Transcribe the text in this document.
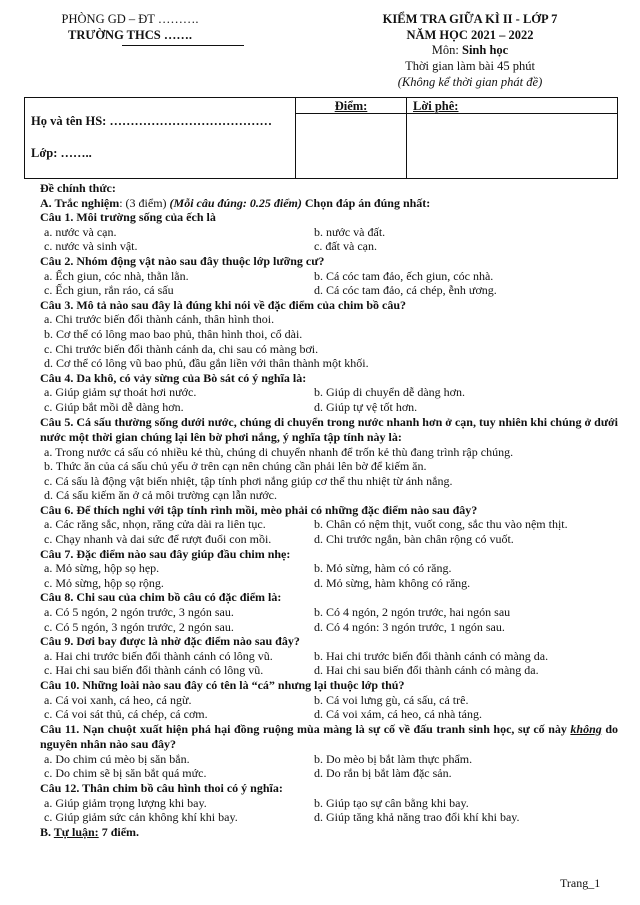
PHÒNG GD – ĐT ……….
TRƯỜNG THCS …….
KIỂM TRA GIỮA KÌ II - LỚP 7
NĂM HỌC 2021 – 2022
Môn: Sinh học
Thời gian làm bài 45 phút
(Không kể thời gian phát đề)
Họ và tên HS: …………………………………
Lớp: ……..
Điểm:	Lời phê:
Đề chính thức:
A. Trắc nghiệm: (3 điểm) (Mỗi câu đúng: 0.25 điểm) Chọn đáp án đúng nhất:
Câu 1. Môi trường sống của ếch là
a. nước và cạn.	b. nước và đất.
c. nước và sinh vật.	c. đất và cạn.
Câu 2. Nhóm động vật nào sau đây thuộc lớp lưỡng cư?
a. Ếch giun, cóc nhà, thằn lằn.	b. Cá cóc tam đảo, ếch giun, cóc nhà.
c. Ếch giun, rắn ráo, cá sấu	d. Cá cóc tam đảo, cá chép, ễnh ương.
Câu 3. Mô tả nào sau đây là đúng khi nói về đặc điểm của chim bồ câu?
a. Chi trước biến đổi thành cánh, thân hình thoi.
b. Cơ thể có lông mao bao phủ, thân hình thoi, cổ dài.
c. Chi trước biến đổi thành cánh da, chi sau có màng bơi.
d. Cơ thể có lông vũ bao phủ, đầu gắn liền với thân thành một khối.
Câu 4. Da khô, có vảy sừng của Bò sát có ý nghĩa là:
a. Giúp giảm sự thoát hơi nước.	b. Giúp di chuyển dễ dàng hơn.
c. Giúp bắt mồi dễ dàng hơn.	d. Giúp tự vệ tốt hơn.
Câu 5. Cá sấu thường sống dưới nước, chúng di chuyển trong nước nhanh hơn ở cạn, tuy nhiên khi chúng ở dưới nước một thời gian chúng lại lên bờ phơi nắng, ý nghĩa tập tính này là:
a. Trong nước cá sấu có nhiều kẻ thù, chúng di chuyển nhanh để trốn kẻ thù đang trình rập chúng.
b. Thức ăn của cá sấu chủ yếu ở trên cạn nên chúng cần phải lên bờ để kiếm ăn.
c. Cá sấu là động vật biến nhiệt, tập tính phơi nắng giúp cơ thể thu nhiệt từ ánh nắng.
d. Cá sấu kiếm ăn ở cả môi trường cạn lẫn nước.
Câu 6. Để thích nghi với tập tính rình mồi, mèo phải có những đặc điểm nào sau đây?
a. Các răng sắc, nhọn, răng cửa dài ra liên tục.	b. Chân có nệm thịt, vuốt cong, sắc thu vào nệm thịt.
c. Chạy nhanh và dai sức để rượt đuổi con mồi.	d. Chi trước ngắn, bàn chân rộng có vuốt.
Câu 7. Đặc điểm nào sau đây giúp đầu chim nhẹ:
a. Mỏ sừng, hộp sọ hẹp.	b. Mỏ sừng, hàm có có răng.
c. Mỏ sừng, hộp sọ rộng.	d. Mỏ sừng, hàm không có răng.
Câu 8. Chi sau của chim bồ câu có đặc điểm là:
a. Có 5 ngón, 2 ngón trước, 3 ngón sau.	b. Có 4 ngón, 2 ngón trước, hai ngón sau
c. Có 5 ngón, 3 ngón trước, 2 ngón sau.	d. Có 4 ngón: 3 ngón trước, 1 ngón sau.
Câu 9. Dơi bay được là nhờ đặc điểm nào sau đây?
a. Hai chi trước biến đổi thành cánh có lông vũ.	b. Hai chi trước biến đổi thành cánh có màng da.
c. Hai chi sau biến đổi thành cánh có lông vũ.	d. Hai chi sau biến đổi thành cánh có màng da.
Câu 10. Những loài nào sau đây có tên là “cá” nhưng lại thuộc lớp thú?
a. Cá voi xanh, cá heo, cá ngừ.	b. Cá voi lưng gù, cá sấu, cá trê.
c. Cá voi sát thủ, cá chép, cá cơm.	d. Cá voi xám, cá heo, cá nhà táng.
Câu 11. Nạn chuột xuất hiện phá hại đồng ruộng mùa màng là sự cố về đấu tranh sinh học, sự cố này không do nguyên nhân nào sau đây?
a. Do chim cú mèo bị săn bắn.	b. Do mèo bị bắt làm thực phẩm.
c. Do chim sẽ bị săn bắt quá mức.	d. Do rắn bị bắt làm đặc sản.
Câu 12. Thân chim bồ câu hình thoi có ý nghĩa:
a. Giúp giảm trọng lượng khi bay.	b. Giúp tạo sự cân bằng khi bay.
c. Giúp giảm sức cản không khí khi bay.	d. Giúp tăng khả năng trao đổi khí khi bay.
B. Tự luận: 7 điểm.
Trang_1
